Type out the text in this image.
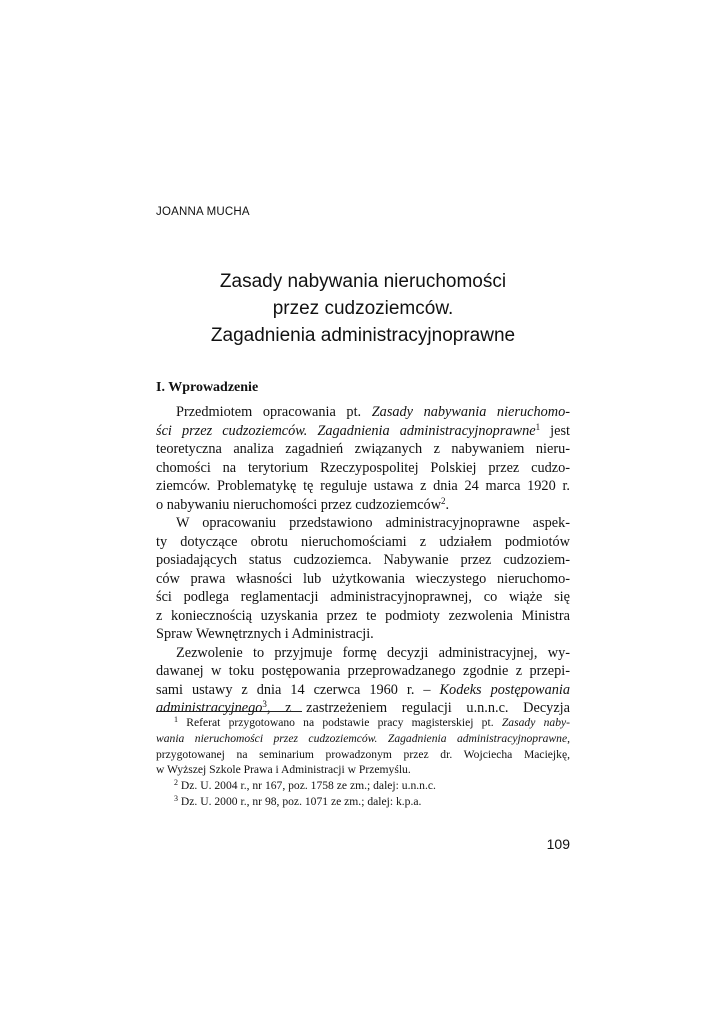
JOANNA MUCHA
Zasady nabywania nieruchomości
przez cudzoziemców.
Zagadnienia administracyjnoprawne
I. Wprowadzenie
Przedmiotem opracowania pt. Zasady nabywania nieruchomo-
ści przez cudzoziemców. Zagadnienia administracyjnoprawne$^1$ jest
teoretyczna analiza zagadnień związanych z nabywaniem nieru-
chomości na terytorium Rzeczypospolitej Polskiej przez cudzo-
ziemców. Problematykę tę reguluje ustawa z dnia 24 marca 1920 r.
o nabywaniu nieruchomości przez cudzoziemców$^2$.
W opracowaniu przedstawiono administracyjnoprawne aspek-
ty dotyczące obrotu nieruchomościami z udziałem podmiotów
posiadających status cudzoziemca. Nabywanie przez cudzoziem-
ców prawa własności lub użytkowania wieczystego nieruchomo-
ści podlega reglamentacji administracyjnoprawnej, co wiąże się
z koniecznością uzyskania przez te podmioty zezwolenia Ministra
Spraw Wewnętrznych i Administracji.
Zezwolenie to przyjmuje formę decyzji administracyjnej, wy-
dawanej w toku postępowania przeprowadzanego zgodnie z przepi-
sami ustawy z dnia 14 czerwca 1960 r. – Kodeks postępowania
administracyjnego$^3$, z zastrzeżeniem regulacji u.n.n.c. Decyzja
$^1$ Referat przygotowano na podstawie pracy magisterskiej pt. Zasady naby-
wania nieruchomości przez cudzoziemców. Zagadnienia administracyjnoprawne,
przygotowanej na seminarium prowadzonym przez dr. Wojciecha Maciejkę,
w Wyższej Szkole Prawa i Administracji w Przemyślu.
$^2$ Dz. U. 2004 r., nr 167, poz. 1758 ze zm.; dalej: u.n.n.c.
$^3$ Dz. U. 2000 r., nr 98, poz. 1071 ze zm.; dalej: k.p.a.
109
